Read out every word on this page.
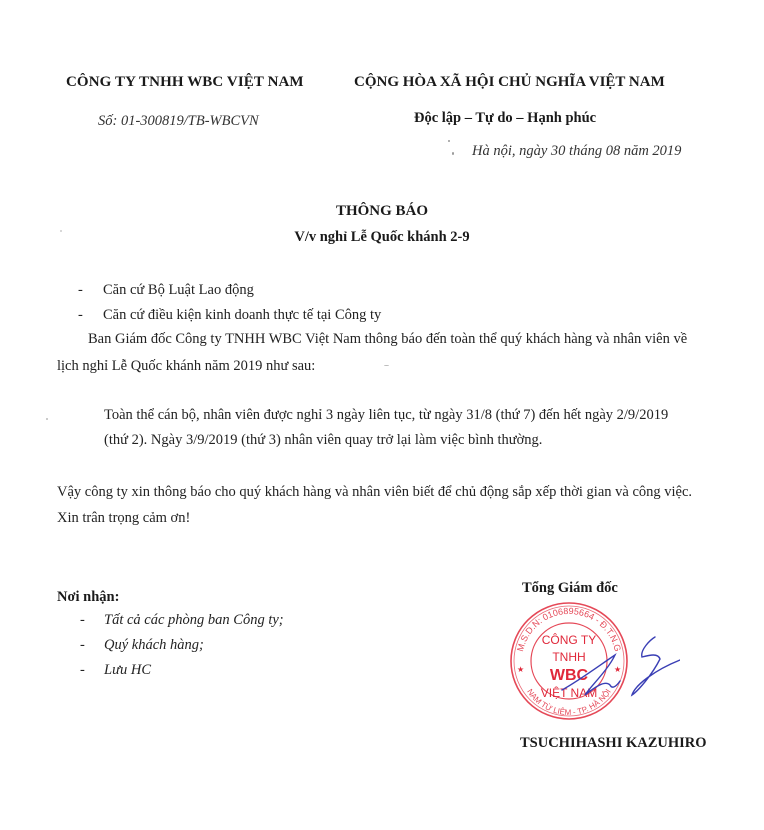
CÔNG TY TNHH WBC VIỆT NAM
Số: 01-300819/TB-WBCVN
CỘNG HÒA XÃ HỘI CHỦ NGHĨA VIỆT NAM
Độc lập – Tự do – Hạnh phúc
Hà nội, ngày 30 tháng 08 năm 2019
THÔNG BÁO
V/v nghỉ Lễ Quốc khánh 2-9
- Căn cứ Bộ Luật Lao động
- Căn cứ điều kiện kinh doanh thực tế tại Công ty
Ban Giám đốc Công ty TNHH WBC Việt Nam thông báo đến toàn thể quý khách hàng và nhân viên về
lịch nghỉ Lễ Quốc khánh năm 2019 như sau:
Toàn thể cán bộ, nhân viên được nghỉ 3 ngày liên tục, từ ngày 31/8 (thứ 7) đến hết ngày 2/9/2019
(thứ 2). Ngày 3/9/2019 (thứ 3) nhân viên quay trở lại làm việc bình thường.
Vậy công ty xin thông báo cho quý khách hàng và nhân viên biết để chủ động sắp xếp thời gian và công việc.
Xin trân trọng cảm ơn!
Nơi nhận:
- Tất cả các phòng ban Công ty;
- Quý khách hàng;
- Lưu HC
Tổng Giám đốc
M.S.D.N: 0106895664 - Đ.T.N.G
NAM TỪ LIÊM - TP. HÀ NỘI
★	★
CÔNG TY
TNHH
WBC
VIỆT NAM
TSUCHIHASHI KAZUHIRO
